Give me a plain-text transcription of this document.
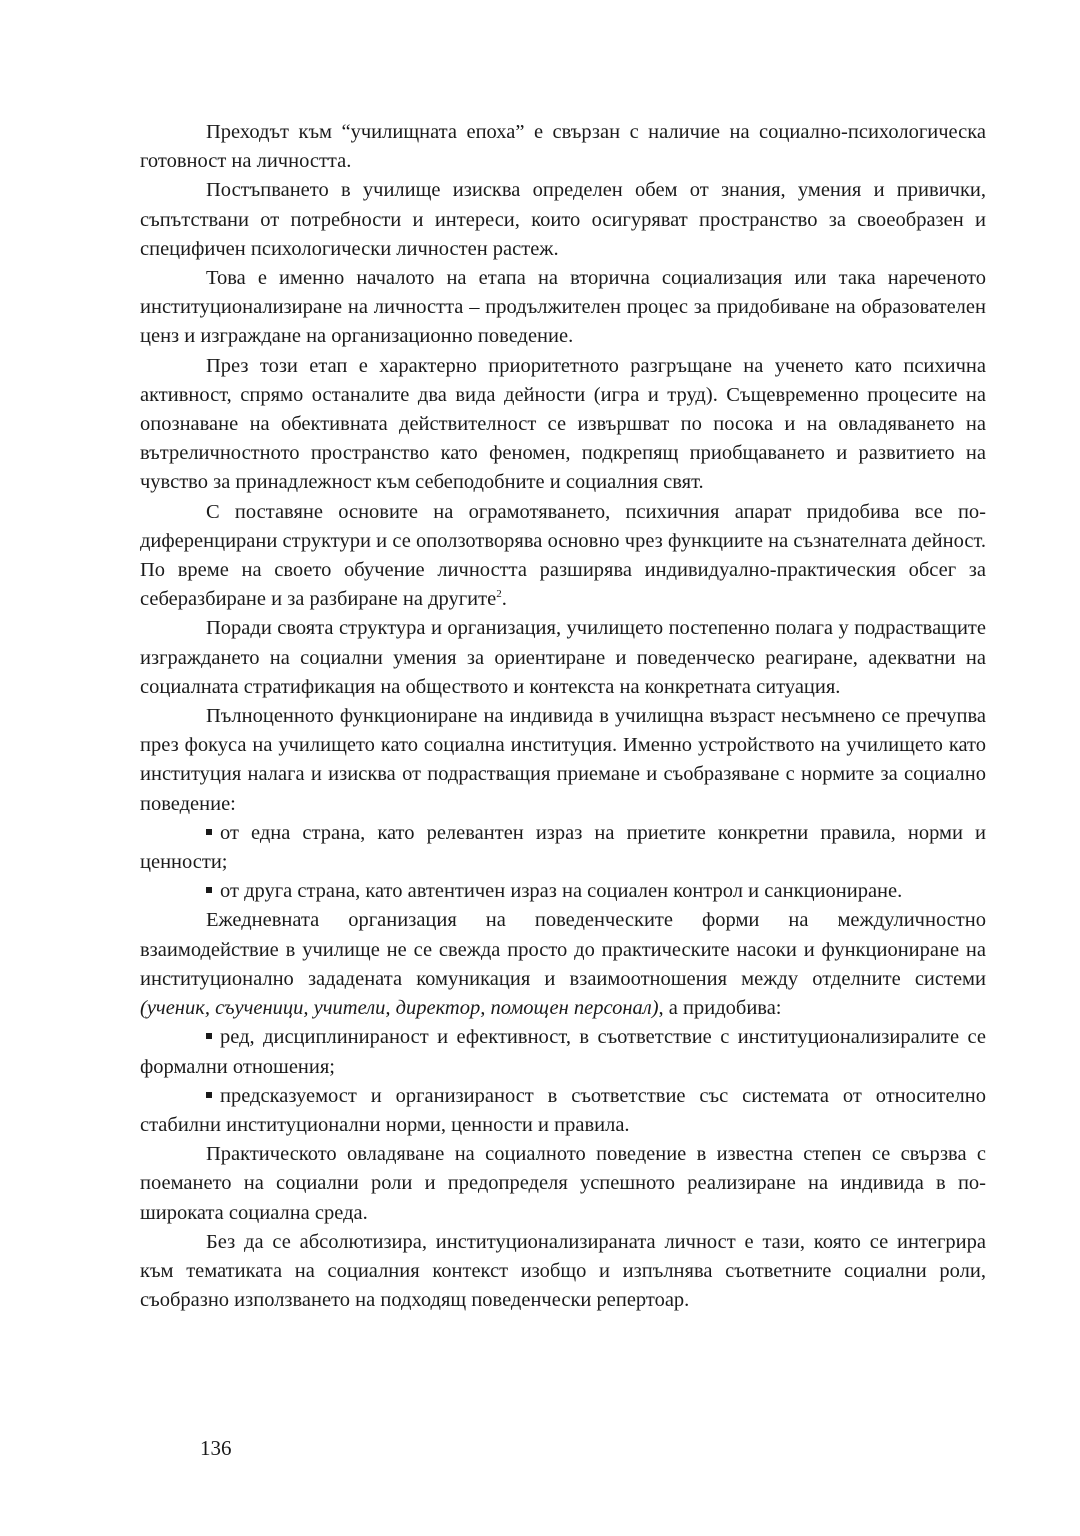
Преходът към “училищната епоха” е свързан с наличие на социално-психологическа готовност на личността.

Постъпването в училище изисква определен обем от знания, умения и привички, съпътствани от потребности и интереси, които осигуряват пространство за своеобразен и специфичен психологически личностен растеж.

Това е именно началото на етапа на вторична социализация или така нареченото институционализиране на личността – продължителен процес за придобиване на образователен ценз и изграждане на организационно поведение.

През този етап е характерно приоритетното разгръщане на ученето като психична активност, спрямо останалите два вида дейности (игра и труд). Същевременно процесите на опознаване на обективната действителност се извършват по посока и на овладяването на вътреличностното пространство като феномен, подкрепящ приобщаването и развитието на чувство за принадлежност към себеподобните и социалния свят.

С поставяне основите на ограмотяването, психичния апарат придобива все по-диференцирани структури и се оползотворява основно чрез функциите на съзнателната дейност. По време на своето обучение личността разширява индивидуално-практическия обсег за себеразбиране и за разбиране на другите$^2$.

Поради своята структура и организация, училището постепенно полага у подрастващите изграждането на социални умения за ориентиране и поведенческо реагиране, адекватни на социалната стратификация на обществото и контекста на конкретната ситуация.

Пълноценното функциониране на индивида в училищна възраст несъмнено се пречупва през фокуса на училището като социална институция. Именно устройството на училището като институция налага и изисква от подрастващия приемане и съобразяване с нормите за социално поведение:

от една страна, като релевантен израз на приетите конкретни правила, норми и ценности;

от друга страна, като автентичен израз на социален контрол и санкциониране.

Ежедневната организация на поведенческите форми на междуличностно взаимодействие в училище не се свежда просто до практическите насоки и функциониране на институционално зададената комуникация и взаимоотношения между отделните системи (ученик, съученици, учители, директор, помощен персонал), а придобива:

ред, дисциплинираност и ефективност, в съответствие с институционализиралите се формални отношения;

предсказуемост и организираност в съответствие със системата от относително стабилни институционални норми, ценности и правила.

Практическото овладяване на социалното поведение в известна степен се свързва с поемането на социални роли и предопределя успешното реализиране на индивида в по-широката социална среда.

Без да се абсолютизира, институционализираната личност е тази, която се интегрира към тематиката на социалния контекст изобщо и изпълнява съответните социални роли, съобразно използването на подходящ поведенчески репертоар.

136
